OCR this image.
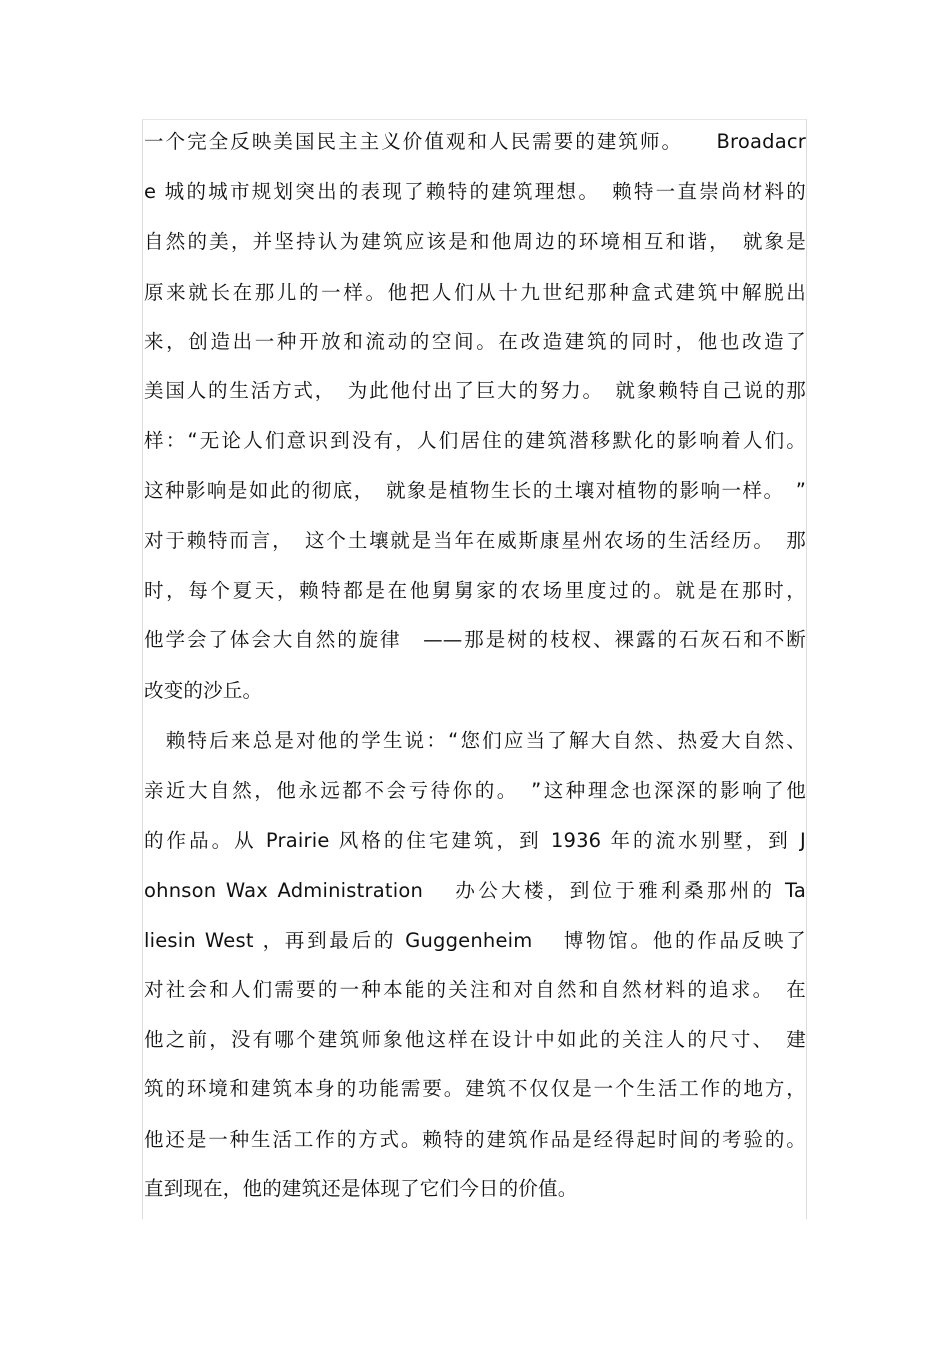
一个完全反映美国民主主义价值观和人民需要的建筑师。　　Broadacr
e 城的城市规划突出的表现了赖特的建筑理想。　赖特一直崇尚材料的
自然的美，并坚持认为建筑应该是和他周边的环境相互和谐，　就象是
原来就长在那儿的一样。他把人们从十九世纪那种盒式建筑中解脱出
来，创造出一种开放和流动的空间。在改造建筑的同时，他也改造了
美国人的生活方式，　为此他付出了巨大的努力。　就象赖特自己说的那
样：“无论人们意识到没有，人们居住的建筑潜移默化的影响着人们。
这种影响是如此的彻底，　就象是植物生长的土壤对植物的影响一样。　”
对于赖特而言，　这个土壤就是当年在威斯康星州农场的生活经历。　那
时，每个夏天，赖特都是在他舅舅家的农场里度过的。就是在那时，
他学会了体会大自然的旋律　——那是树的枝杈、裸露的石灰石和不断
改变的沙丘。
　赖特后来总是对他的学生说：“您们应当了解大自然、热爱大自然、
亲近大自然，他永远都不会亏待你的。　”这种理念也深深的影响了他
的作品。从 Prairie 风格的住宅建筑，到 1936 年的流水别墅，到 J
ohnson Wax Administration 　办公大楼，到位于雅利桑那州的 Ta
liesin West ，再到最后的 Guggenheim 　博物馆。他的作品反映了
对社会和人们需要的一种本能的关注和对自然和自然材料的追求。　在
他之前，没有哪个建筑师象他这样在设计中如此的关注人的尺寸、　建
筑的环境和建筑本身的功能需要。建筑不仅仅是一个生活工作的地方，
他还是一种生活工作的方式。赖特的建筑作品是经得起时间的考验的。
直到现在，他的建筑还是体现了它们今日的价值。
